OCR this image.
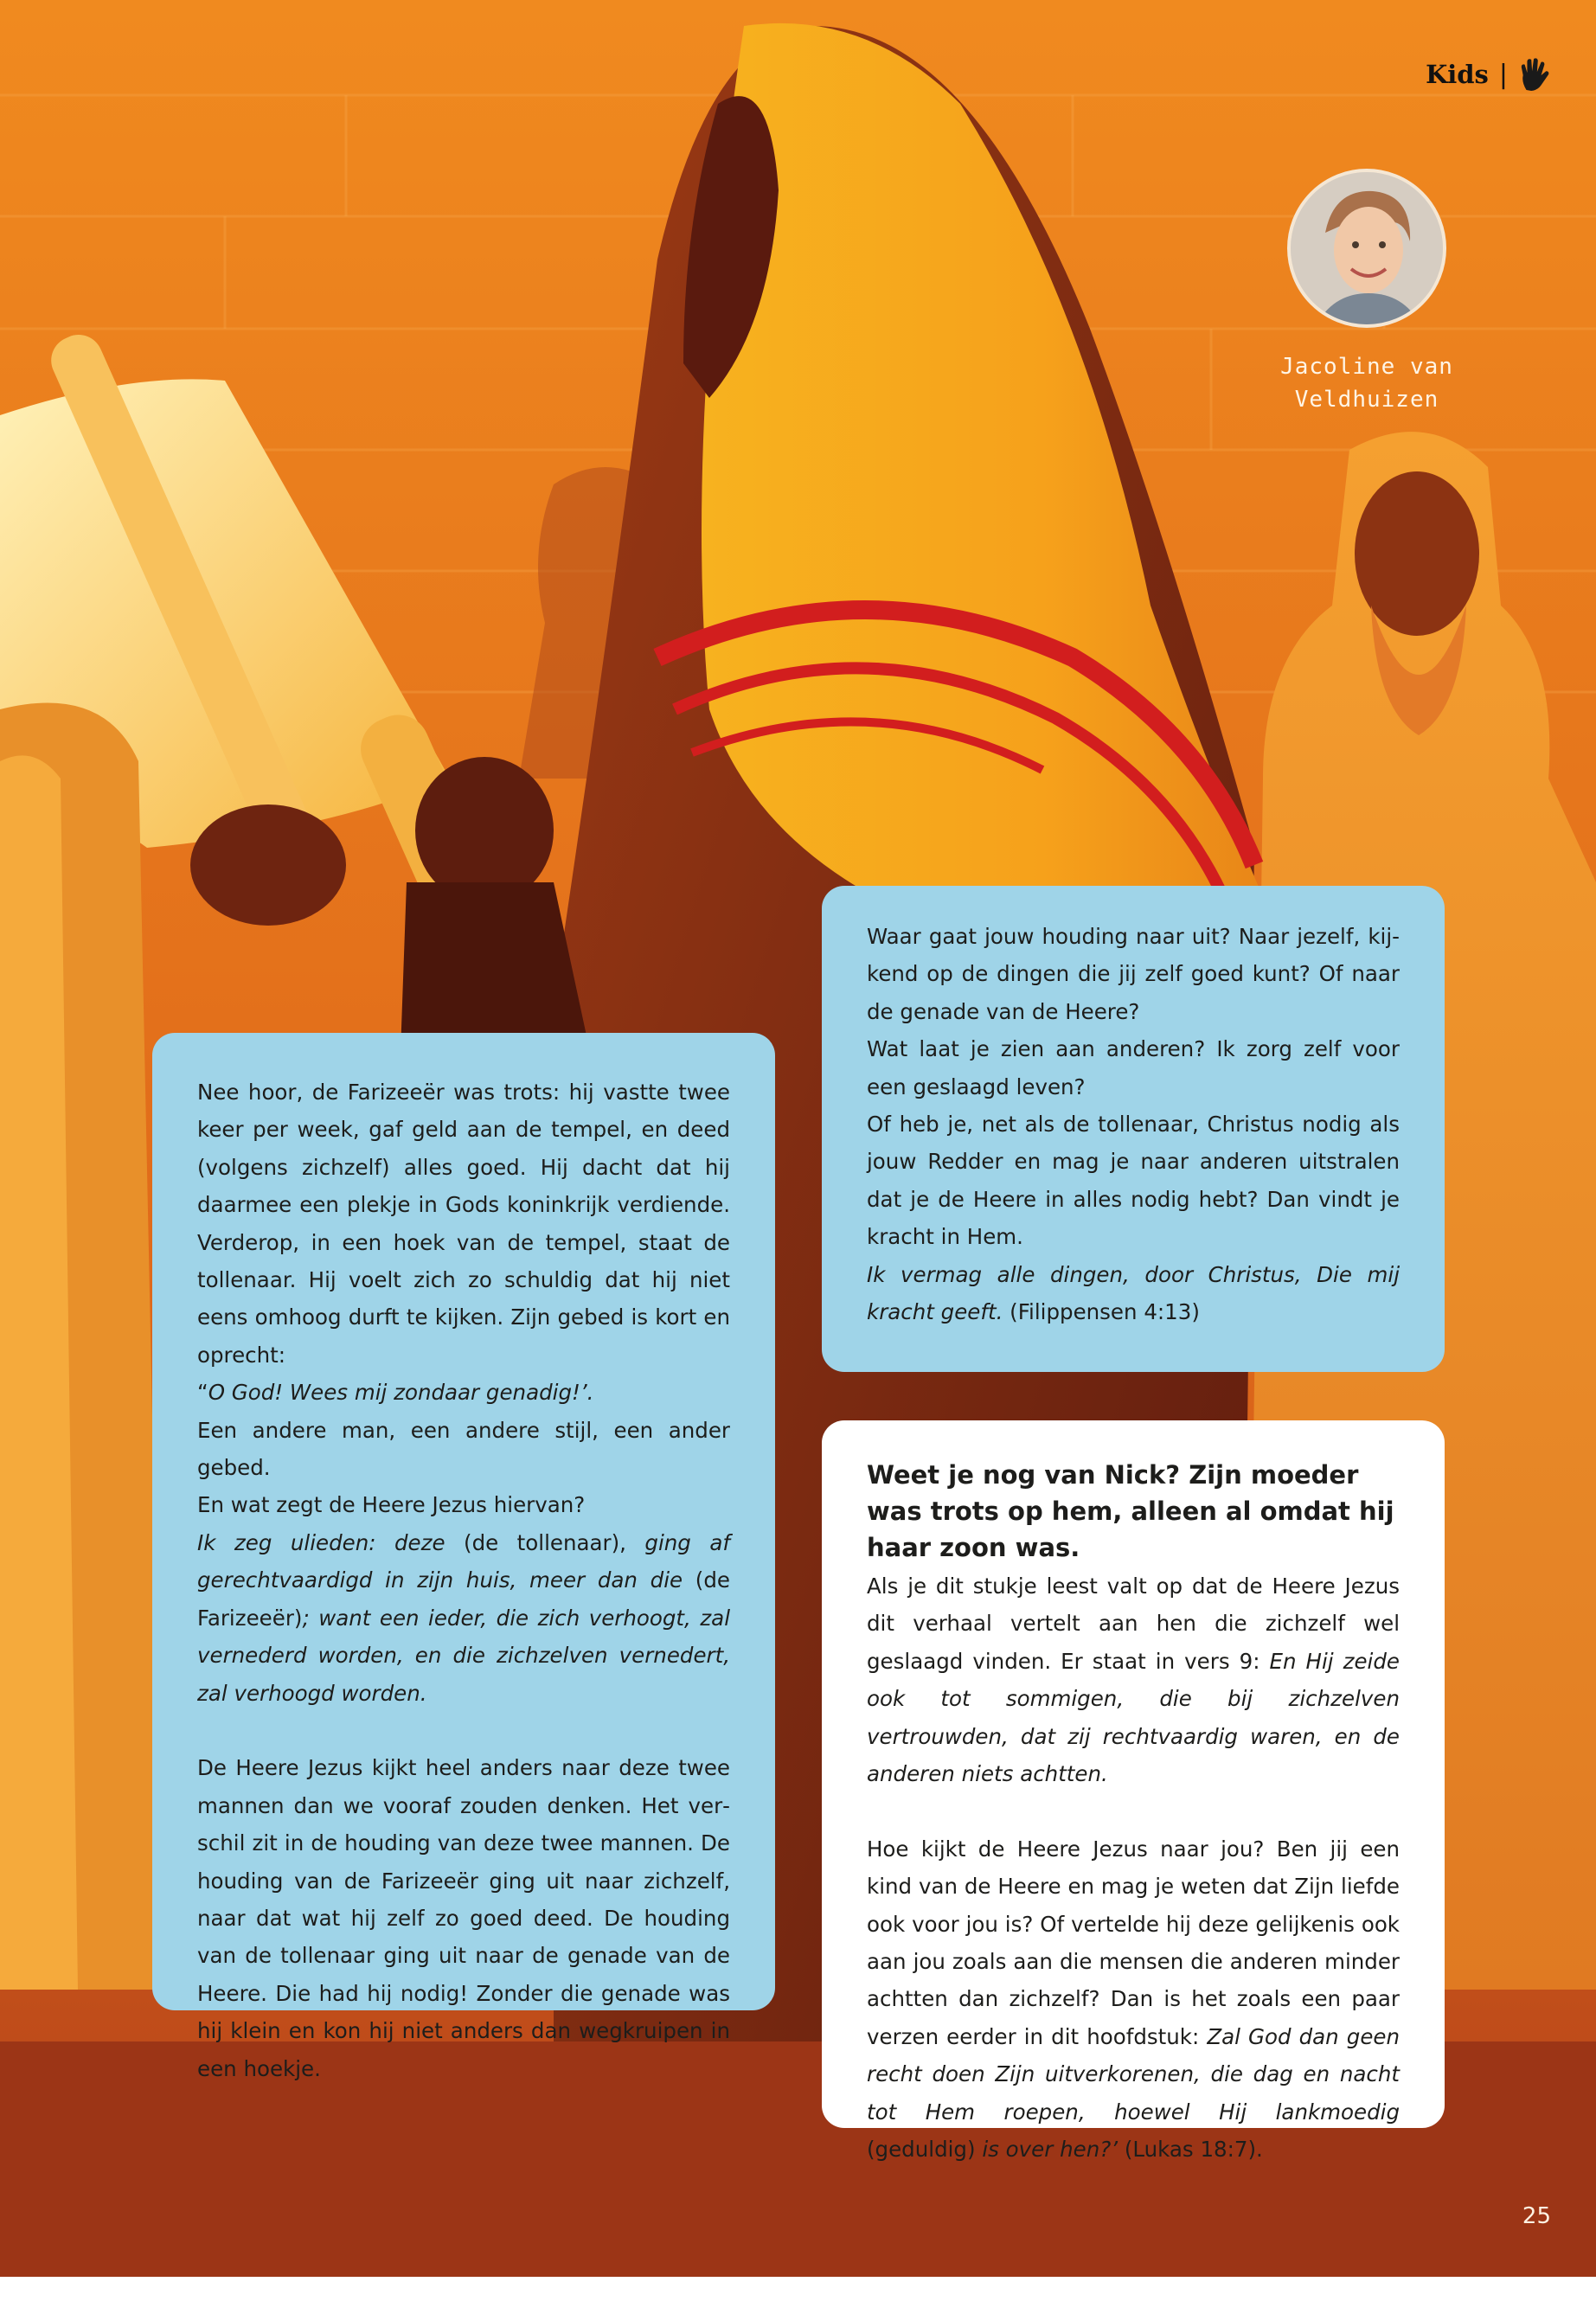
Kids |
Jacoline van
Veldhuizen

Nee hoor, de Farizeeër was trots: hij vastte twee keer per week, gaf geld aan de tempel, en deed (volgens zichzelf) alles goed. Hij dacht dat hij daarmee een plekje in Gods koninkrijk verdiende. Verderop, in een hoek van de tempel, staat de tollenaar. Hij voelt zich zo schuldig dat hij niet eens omhoog durft te kijken. Zijn gebed is kort en oprecht:

“O God! Wees mij zondaar genadig!’.

Een andere man, een andere stijl, een ander gebed.

En wat zegt de Heere Jezus hiervan?

Ik zeg ulieden: deze (de tollenaar), ging af gerechtvaardigd in zijn huis, meer dan die (de Farizeeër); want een ieder, die zich verhoogt, zal vernederd worden, en die zichzelven vernedert, zal verhoogd worden.

De Heere Jezus kijkt heel anders naar deze twee mannen dan we vooraf zouden denken. Het verschil zit in de houding van deze twee mannen. De houding van de Farizeeër ging uit naar zichzelf, naar dat wat hij zelf zo goed deed. De houding van de tollenaar ging uit naar de genade van de Heere. Die had hij nodig! Zonder die genade was hij klein en kon hij niet anders dan wegkruipen in een hoekje.

Waar gaat jouw houding naar uit? Naar jezelf, kijkend op de dingen die jij zelf goed kunt? Of naar de genade van de Heere?

Wat laat je zien aan anderen? Ik zorg zelf voor een geslaagd leven?

Of heb je, net als de tollenaar, Christus nodig als jouw Redder en mag je naar anderen uitstralen dat je de Heere in alles nodig hebt? Dan vindt je kracht in Hem.

Ik vermag alle dingen, door Christus, Die mij kracht geeft. (Filippensen 4:13)

Weet je nog van Nick? Zijn moeder was trots op hem, alleen al omdat hij haar zoon was.

Als je dit stukje leest valt op dat de Heere Jezus dit verhaal vertelt aan hen die zichzelf wel geslaagd vinden. Er staat in vers 9: En Hij zeide ook tot sommigen, die bij zichzelven vertrouwden, dat zij rechtvaardig waren, en de anderen niets achtten.

Hoe kijkt de Heere Jezus naar jou? Ben jij een kind van de Heere en mag je weten dat Zijn liefde ook voor jou is? Of vertelde hij deze gelijkenis ook aan jou zoals aan die mensen die anderen minder achtten dan zichzelf? Dan is het zoals een paar verzen eerder in dit hoofdstuk: Zal God dan geen recht doen Zijn uitverkorenen, die dag en nacht tot Hem roepen, hoewel Hij lankmoedig (geduldig) is over hen?’ (Lukas 18:7).

25
